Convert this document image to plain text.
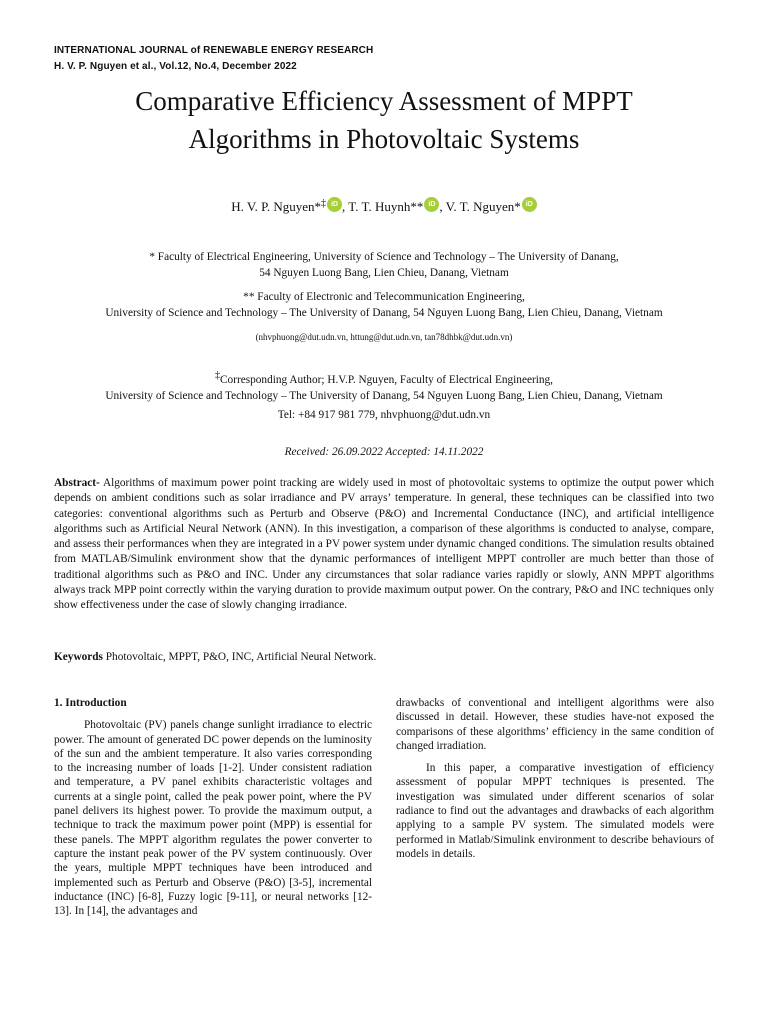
INTERNATIONAL JOURNAL of RENEWABLE ENERGY RESEARCH
H. V. P. Nguyen et al., Vol.12, No.4, December 2022
Comparative Efficiency Assessment of MPPT
Algorithms in Photovoltaic Systems
H. V. P. Nguyen*‡ iD , T. T. Huynh** iD , V. T. Nguyen* iD
* Faculty of Electrical Engineering, University of Science and Technology – The University of Danang,
54 Nguyen Luong Bang, Lien Chieu, Danang, Vietnam
** Faculty of Electronic and Telecommunication Engineering,
University of Science and Technology – The University of Danang, 54 Nguyen Luong Bang, Lien Chieu, Danang, Vietnam
(nhvphuong@dut.udn.vn, httung@dut.udn.vn, tan78dhbk@dut.udn.vn)
‡Corresponding Author; H.V.P. Nguyen, Faculty of Electrical Engineering,
University of Science and Technology – The University of Danang, 54 Nguyen Luong Bang, Lien Chieu, Danang, Vietnam
Tel: +84 917 981 779, nhvphuong@dut.udn.vn
Received: 26.09.2022 Accepted: 14.11.2022
Abstract- Algorithms of maximum power point tracking are widely used in most of photovoltaic systems to optimize the output power which depends on ambient conditions such as solar irradiance and PV arrays’ temperature. In general, these techniques can be classified into two categories: conventional algorithms such as Perturb and Observe (P&O) and Incremental Conductance (INC), and artificial intelligence algorithms such as Artificial Neural Network (ANN). In this investigation, a comparison of these algorithms is conducted to analyse, compare, and assess their performances when they are integrated in a PV power system under dynamic changed conditions. The simulation results obtained from MATLAB/Simulink environment show that the dynamic performances of intelligent MPPT controller are much better than those of traditional algorithms such as P&O and INC. Under any circumstances that solar radiance varies rapidly or slowly, ANN MPPT algorithms always track MPP point correctly within the varying duration to provide maximum output power. On the contrary, P&O and INC techniques only show effectiveness under the case of slowly changing irradiance.
Keywords Photovoltaic, MPPT, P&O, INC, Artificial Neural Network.
1. Introduction

Photovoltaic (PV) panels change sunlight irradiance to electric power. The amount of generated DC power depends on the luminosity of the sun and the ambient temperature. It also varies corresponding to the increasing number of loads [1-2]. Under consistent radiation and temperature, a PV panel exhibits characteristic voltages and currents at a single point, called the peak power point, where the PV panel delivers its highest power. To provide the maximum output, a technique to track the maximum power point (MPP) is essential for these panels. The MPPT algorithm regulates the power converter to capture the instant peak power of the PV system continuously. Over the years, multiple MPPT techniques have been introduced and implemented such as Perturb and Observe (P&O) [3-5], incremental inductance (INC) [6-8], Fuzzy logic [9-11], or neural networks [12-13]. In [14], the advantages and

drawbacks of conventional and intelligent algorithms were also discussed in detail. However, these studies have-not exposed the comparisons of these algorithms’ efficiency in the same condition of changed irradiation.

In this paper, a comparative investigation of efficiency assessment of popular MPPT techniques is presented. The investigation was simulated under different scenarios of solar radiance to find out the advantages and drawbacks of each algorithm applying to a sample PV system. The simulated models were performed in Matlab/Simulink environment to describe behaviours of models in details.
